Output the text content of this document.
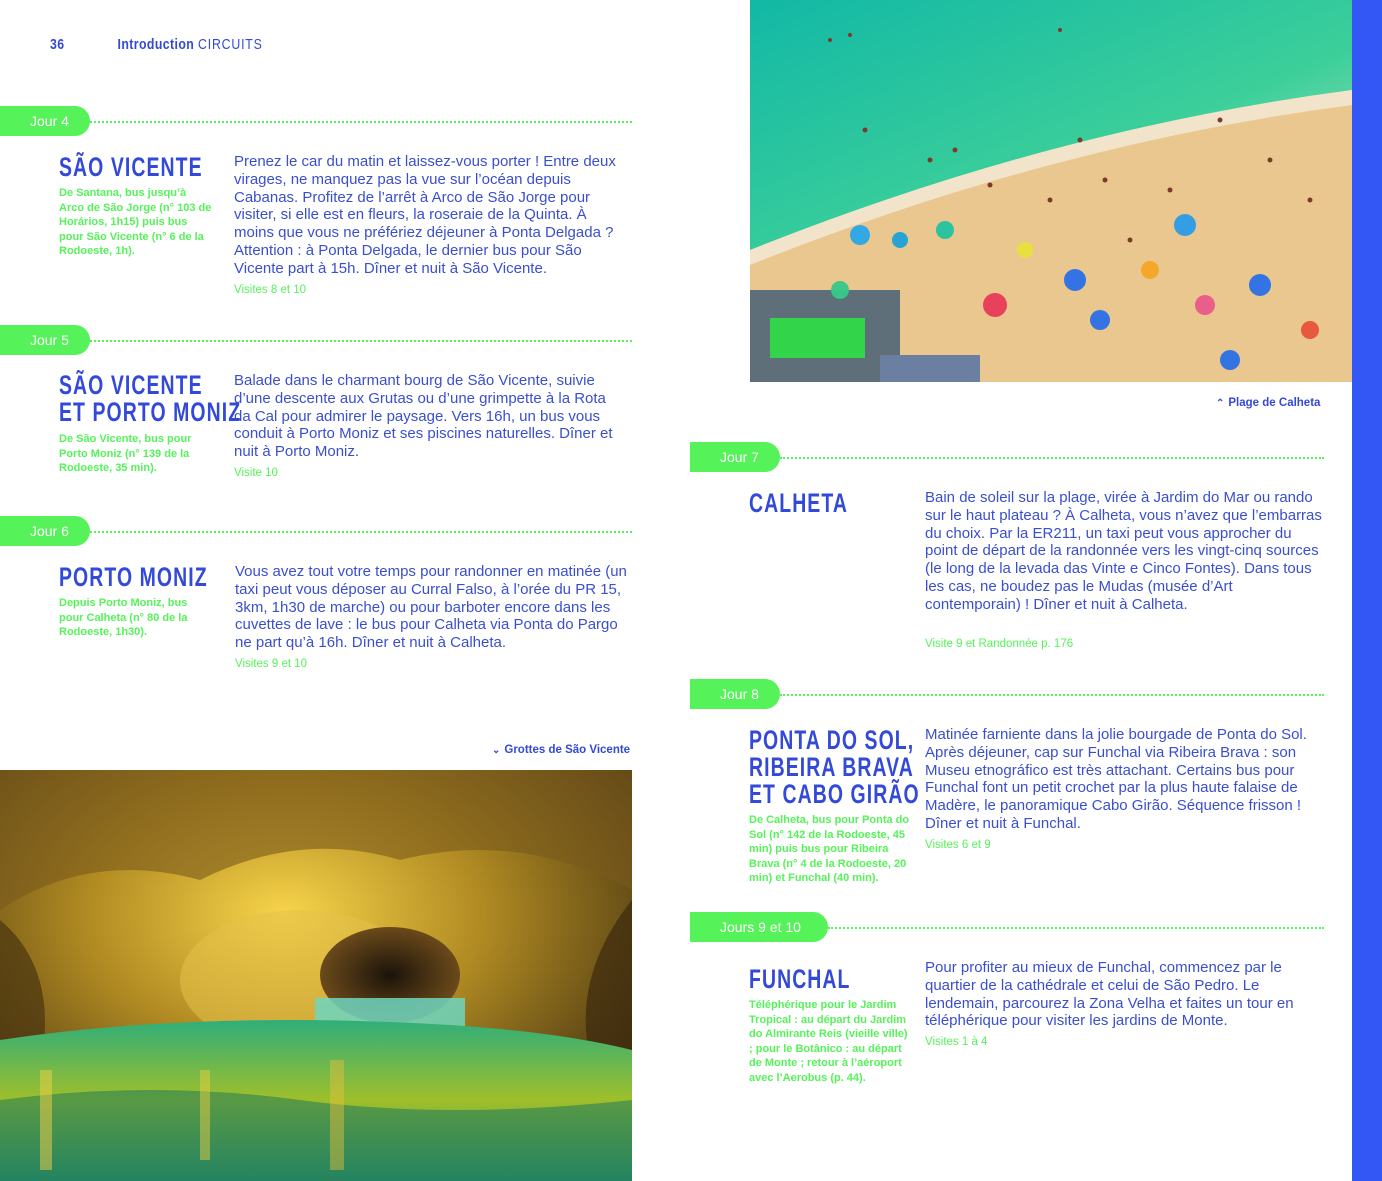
36	Introduction CIRCUITS
Jour 4
SÃO VICENTE
De Santana, bus jusqu’à Arco de São Jorge (n° 103 de Horários, 1h15) puis bus pour São Vicente (n° 6 de la Rodoeste, 1h).
Prenez le car du matin et laissez-vous porter ! Entre deux virages, ne manquez pas la vue sur l’océan depuis Cabanas. Profitez de l’arrêt à Arco de São Jorge pour visiter, si elle est en fleurs, la roseraie de la Quinta. À moins que vous ne préfériez déjeuner à Ponta Delgada ? Attention : à Ponta Delgada, le dernier bus pour São Vicente part à 15h. Dîner et nuit à São Vicente.
Visites 8 et 10
Jour 5
SÃO VICENTE
ET PORTO MONIZ
De São Vicente, bus pour Porto Moniz (n° 139 de la Rodoeste, 35 min).
Balade dans le charmant bourg de São Vicente, suivie d’une descente aux Grutas ou d’une grimpette à la Rota da Cal pour admirer le paysage. Vers 16h, un bus vous conduit à Porto Moniz et ses piscines naturelles. Dîner et nuit à Porto Moniz.
Visite 10
Jour 6
PORTO MONIZ
Depuis Porto Moniz, bus pour Calheta (n° 80 de la Rodoeste, 1h30).
Vous avez tout votre temps pour randonner en matinée (un taxi peut vous déposer au Curral Falso, à l’orée du PR 15, 3km, 1h30 de marche) ou pour barboter encore dans les cuvettes de lave : le bus pour Calheta via Ponta do Pargo ne part qu’à 16h. Dîner et nuit à Calheta.
Visites 9 et 10
⌄ Grottes de São Vicente
⌃ Plage de Calheta
Jour 7
CALHETA	Bain de soleil sur la plage, virée à Jardim do Mar ou rando sur le haut plateau ? À Calheta, vous n’avez que l’embarras du choix. Par la ER211, un taxi peut vous approcher du point de départ de la randonnée vers les vingt-cinq sources (le long de la levada das Vinte e Cinco Fontes). Dans tous les cas, ne boudez pas le Mudas (musée d’Art contemporain) ! Dîner et nuit à Calheta.
Visite 9 et Randonnée p. 176
Jour 8
PONTA DO SOL,
RIBEIRA BRAVA
ET CABO GIRÃO
De Calheta, bus pour Ponta do Sol (n° 142 de la Rodoeste, 45 min) puis bus pour Ribeira Brava (n° 4 de la Rodoeste, 20 min) et Funchal (40 min).
Matinée farniente dans la jolie bourgade de Ponta do Sol. Après déjeuner, cap sur Funchal via Ribeira Brava : son Museu etnográfico est très attachant. Certains bus pour Funchal font un petit crochet par la plus haute falaise de Madère, le panoramique Cabo Girão. Séquence frisson ! Dîner et nuit à Funchal.
Visites 6 et 9
Jours 9 et 10
FUNCHAL
Téléphérique pour le Jardim Tropical : au départ du Jardim do Almirante Reis (vieille ville) ; pour le Botânico : au départ de Monte ; retour à l’aéroport avec l’Aerobus (p. 44).
Pour profiter au mieux de Funchal, commencez par le quartier de la cathédrale et celui de São Pedro. Le lendemain, parcourez la Zona Velha et faites un tour en téléphérique pour visiter les jardins de Monte.
Visites 1 à 4
